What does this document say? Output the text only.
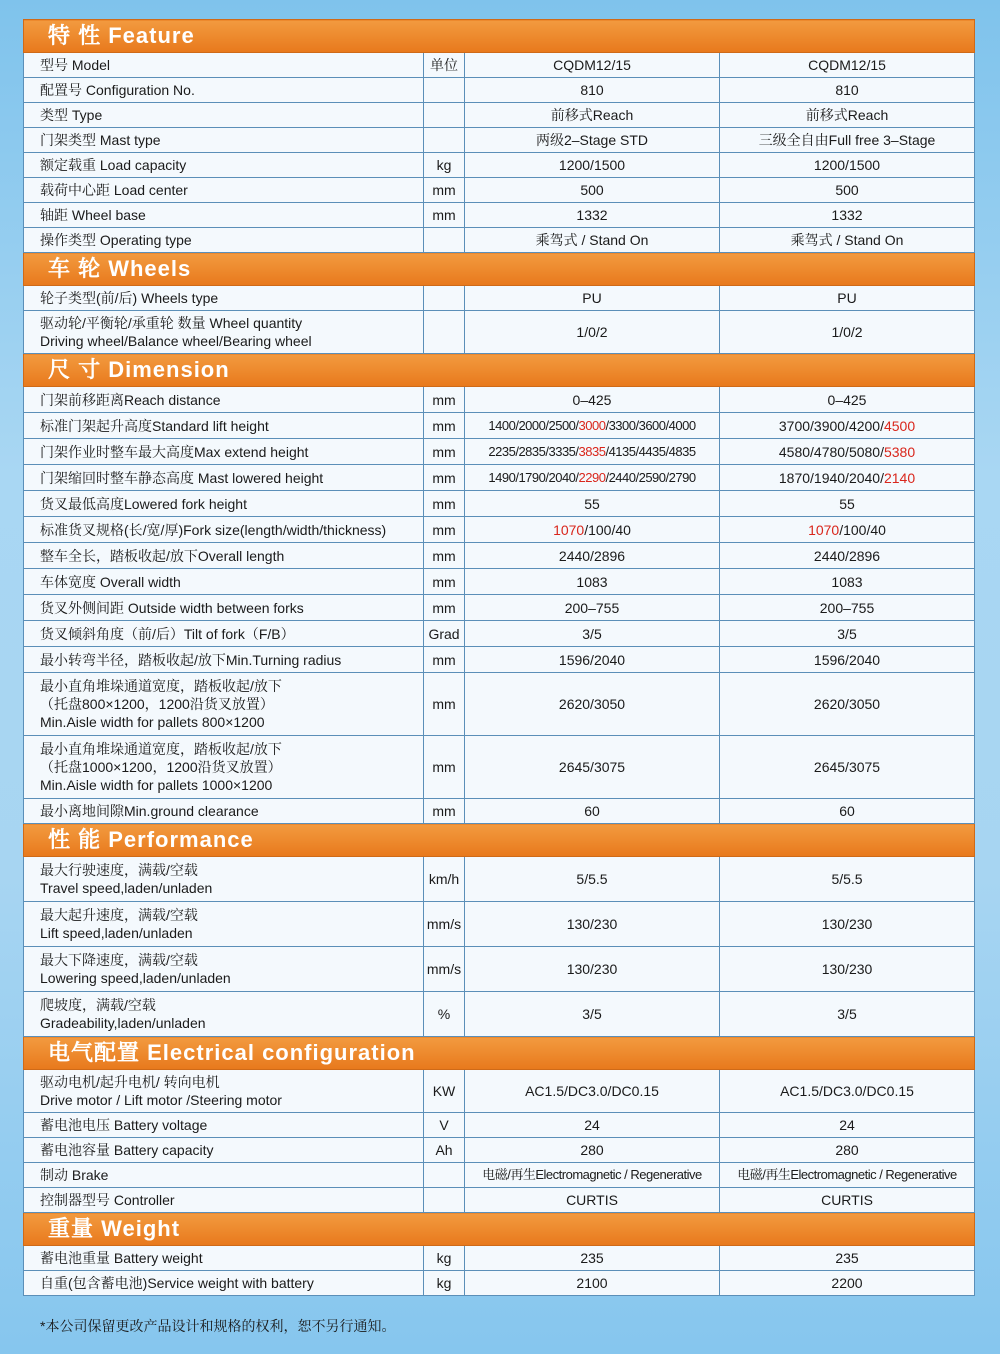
特 性 Feature			
型号 Model	单位	CQDM12/15	CQDM12/15
配置号 Configuration No.		810	810
类型 Type		前移式Reach	前移式Reach
门架类型 Mast type		两级2–Stage STD	三级全自由Full free 3–Stage
额定载重 Load capacity	kg	1200/1500	1200/1500
载荷中心距 Load center	mm	500	500
轴距 Wheel base	mm	1332	1332
操作类型 Operating type		乘驾式 / Stand On	乘驾式 / Stand On
车 轮 Wheels			
轮子类型(前/后) Wheels type		PU	PU

驱动轮/平衡轮/承重轮 数量 Wheel quantity
Driving wheel/Balance wheel/Bearing wheel		1/0/2	1/0/2
尺 寸 Dimension			
门架前移距离Reach distance	mm	0–425	0–425
标准门架起升高度Standard lift height	mm	1400/2000/2500/3000/3300/3600/4000	3700/3900/4200/4500
门架作业时整车最大高度Max extend height	mm	2235/2835/3335/3835/4135/4435/4835	4580/4780/5080/5380
门架缩回时整车静态高度 Mast lowered height	mm	1490/1790/2040/2290/2440/2590/2790	1870/1940/2040/2140
货叉最低高度Lowered fork height	mm	55	55
标准货叉规格(长/宽/厚)Fork size(length/width/thickness)	mm	1070/100/40	1070/100/40
整车全长，踏板收起/放下Overall length	mm	2440/2896	2440/2896
车体宽度 Overall width	mm	1083	1083
货叉外侧间距 Outside width between forks	mm	200–755	200–755
货叉倾斜角度（前/后）Tilt of fork（F/B）	Grad	3/5	3/5
最小转弯半径，踏板收起/放下Min.Turning radius	mm	1596/2040	1596/2040

最小直角堆垛通道宽度，踏板收起/放下
（托盘800×1200，1200沿货叉放置）
Min.Aisle width for pallets 800×1200	mm	2620/3050	2620/3050

最小直角堆垛通道宽度，踏板收起/放下
（托盘1000×1200，1200沿货叉放置）
Min.Aisle width for pallets 1000×1200	mm	2645/3075	2645/3075
最小离地间隙Min.ground clearance	mm	60	60
性 能 Performance			

最大行驶速度，满载/空载
Travel speed,laden/unladen	km/h	5/5.5	5/5.5

最大起升速度，满载/空载
Lift speed,laden/unladen	mm/s	130/230	130/230

最大下降速度，满载/空载
Lowering speed,laden/unladen	mm/s	130/230	130/230

爬坡度，满载/空载
Gradeability,laden/unladen	%	3/5	3/5
电气配置 Electrical configuration			

驱动电机/起升电机/ 转向电机
Drive motor / Lift motor /Steering motor	KW	AC1.5/DC3.0/DC0.15	AC1.5/DC3.0/DC0.15
蓄电池电压 Battery voltage	V	24	24
蓄电池容量 Battery capacity	Ah	280	280
制动 Brake		电磁/再生Electromagnetic / Regenerative	电磁/再生Electromagnetic / Regenerative
控制器型号 Controller		CURTIS	CURTIS
重量 Weight			
蓄电池重量 Battery weight	kg	235	235
自重(包含蓄电池)Service weight with battery	kg	2100	2200
*本公司保留更改产品设计和规格的权利，恕不另行通知。
